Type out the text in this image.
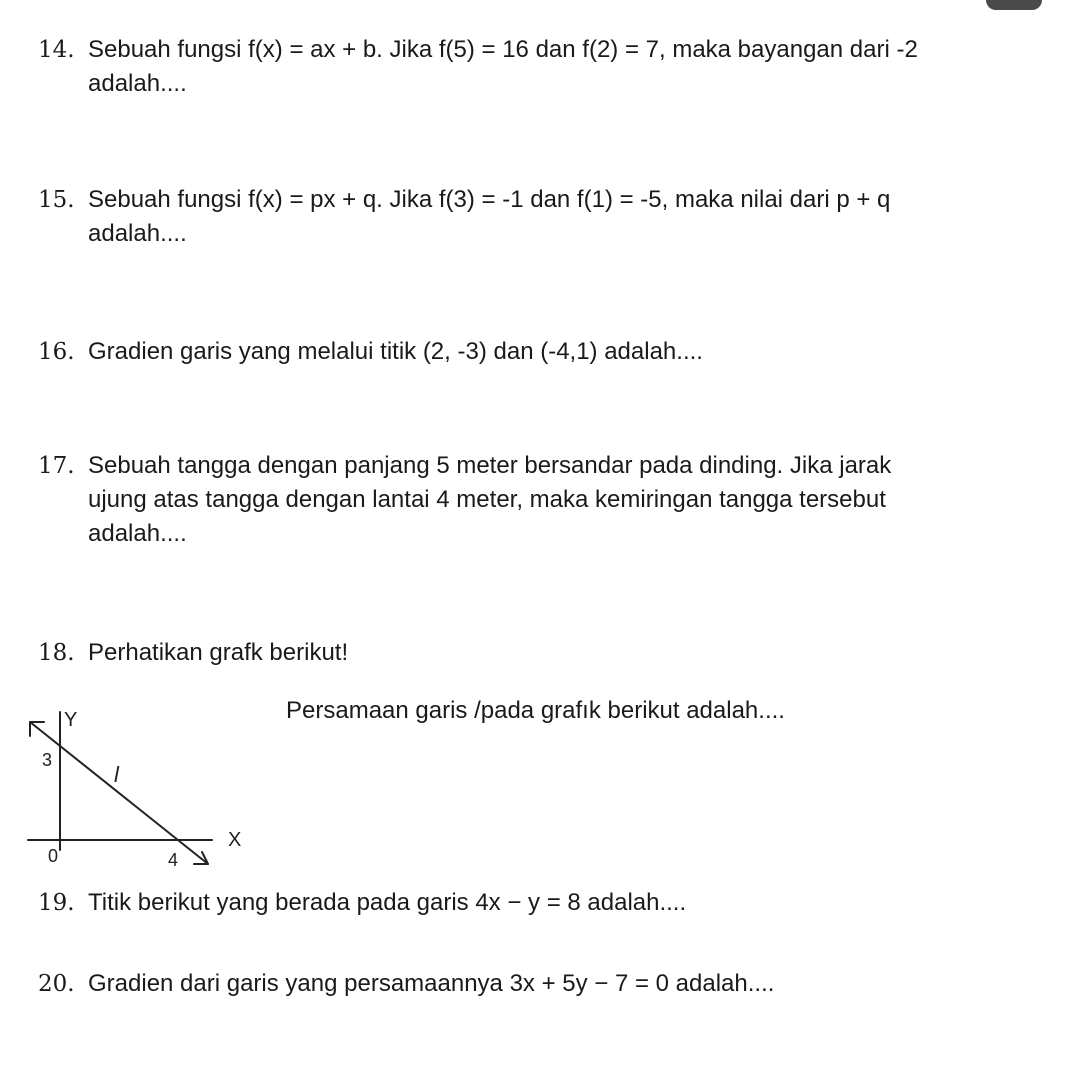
14. Sebuah fungsi f(x) = ax + b. Jika f(5) = 16 dan f(2) = 7, maka bayangan dari -2
adalah....
15. Sebuah fungsi f(x) = px + q. Jika f(3) = -1 dan f(1) = -5, maka nilai dari p + q
adalah....
16. Gradien garis yang melalui titik (2, -3) dan (-4,1) adalah....
17. Sebuah tangga dengan panjang 5 meter bersandar pada dinding. Jika jarak
ujung atas tangga dengan lantai 4 meter, maka kemiringan tangga tersebut
adalah....
18. Perhatikan grafk berikut!
Y
X
3
4
0
l
Persamaan garis /pada grafık berikut adalah....
19. Titik berikut yang berada pada garis 4x − y = 8 adalah....
20. Gradien dari garis yang persamaannya 3x + 5y − 7 = 0 adalah....
